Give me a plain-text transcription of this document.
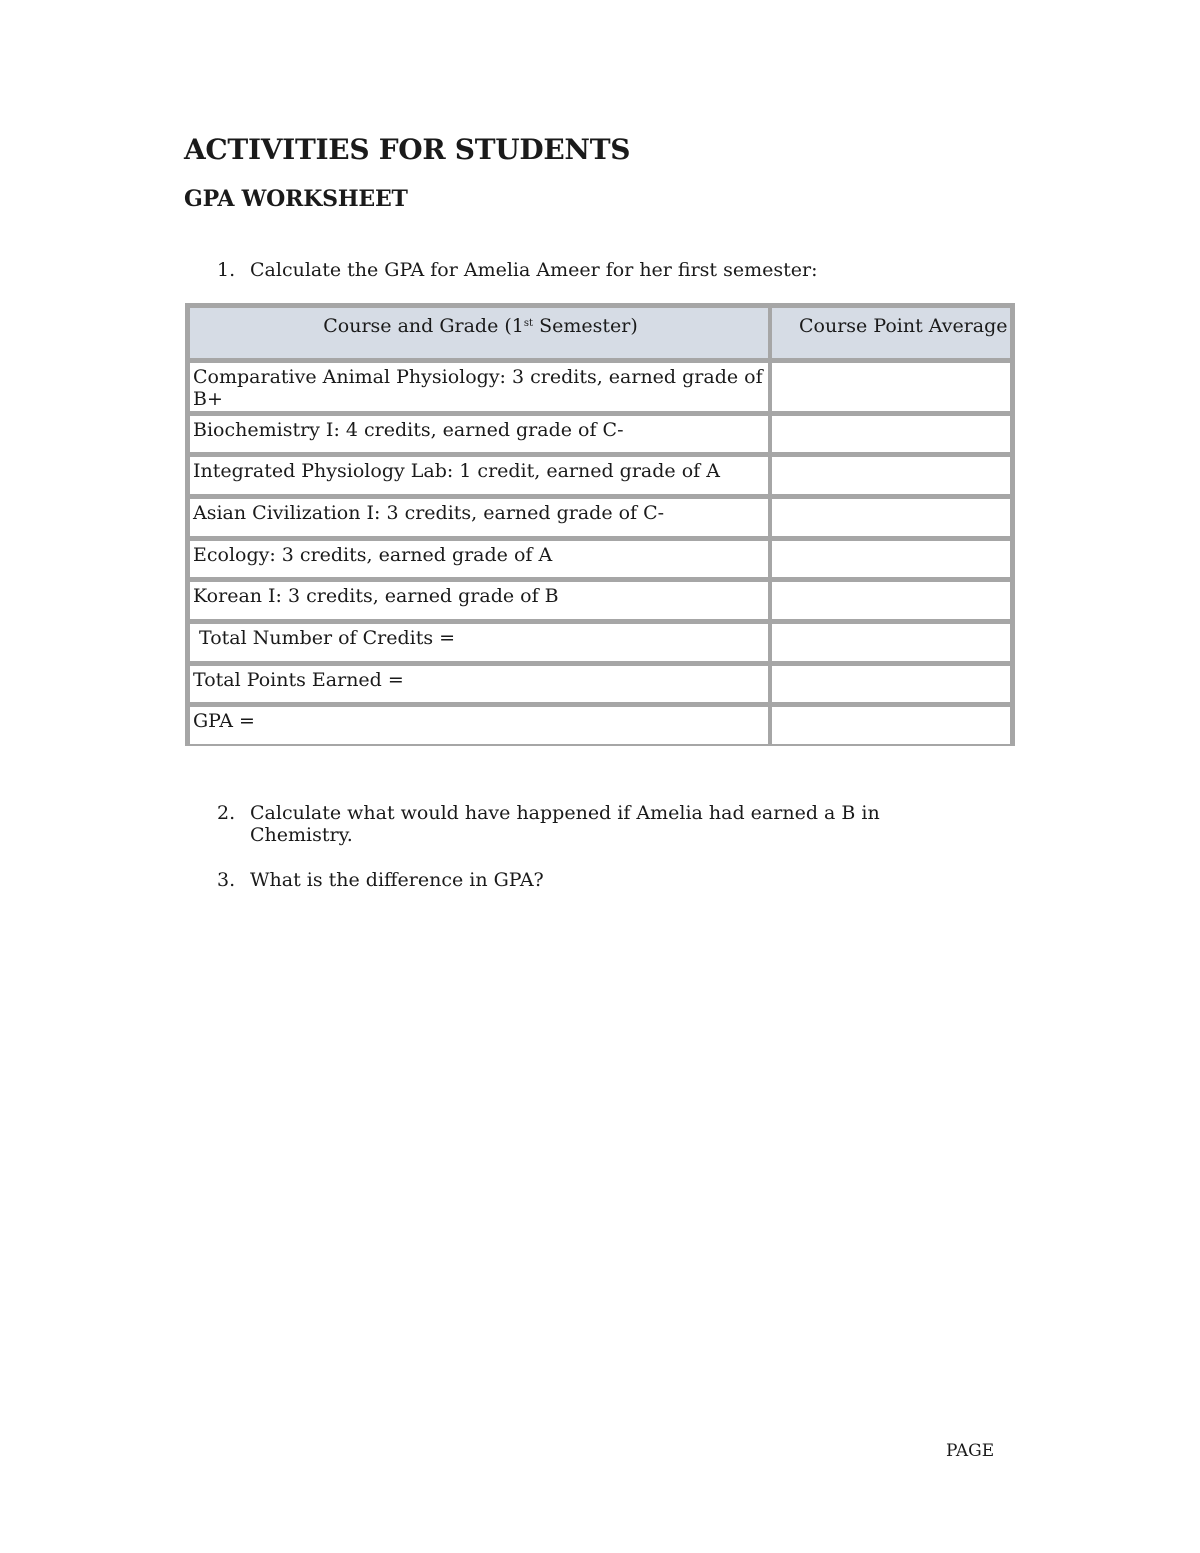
ACTIVITIES FOR STUDENTS
GPA WORKSHEET
1. Calculate the GPA for Amelia Ameer for her first semester:
Course and Grade (1st Semester)	Course Point Average
Comparative Animal Physiology: 3 credits, earned grade of B+
Biochemistry I: 4 credits, earned grade of C-
Integrated Physiology Lab: 1 credit, earned grade of A
Asian Civilization I: 3 credits, earned grade of C-
Ecology: 3 credits, earned grade of A
Korean I: 3 credits, earned grade of B
Total Number of Credits =
Total Points Earned =
GPA =
2. Calculate what would have happened if Amelia had earned a B in Chemistry.
3. What is the difference in GPA?
PAGE
